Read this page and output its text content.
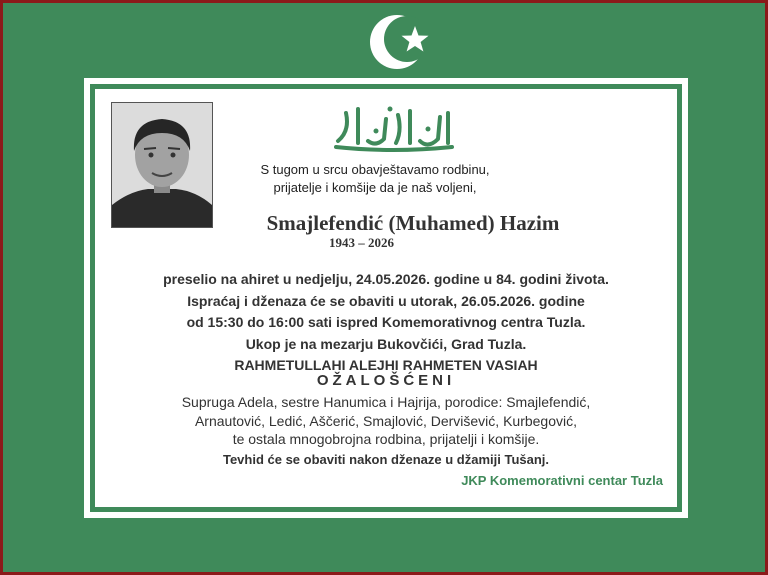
S tugom u srcu obavještavamo rodbinu,
prijatelje i komšije da je naš voljeni,
Smajlefendić (Muhamed) Hazim
1943 – 2026
preselio na ahiret u nedjelju, 24.05.2026. godine u 84. godini života.
Ispraćaj i dženaza će se obaviti u utorak, 26.05.2026. godine
od 15:30 do 16:00 sati ispred Komemorativnog centra Tuzla.
Ukop je na mezarju Bukovčići, Grad Tuzla.
RAHMETULLAHI ALEJHI RAHMETEN VASIAH
OŽALOŠĆENI
Supruga Adela, sestre Hanumica i Hajrija, porodice: Smajlefendić,
Arnautović, Ledić, Aščerić, Smajlović, Dervišević, Kurbegović,
te ostala mnogobrojna rodbina, prijatelji i komšije.
Tevhid će se obaviti nakon dženaze u džamiji Tušanj.
JKP Komemorativni centar Tuzla
